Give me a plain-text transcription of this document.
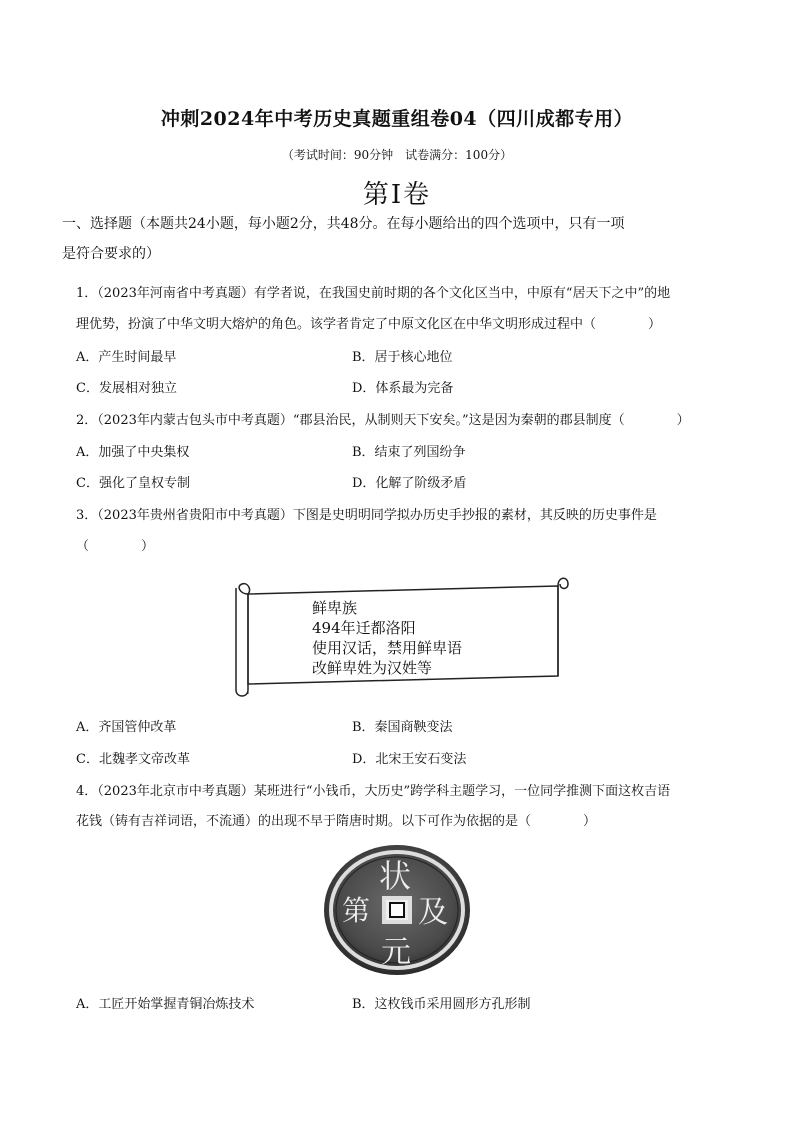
冲刺2024年中考历史真题重组卷04（四川成都专用）
（考试时间：90分钟　试卷满分：100分）
第Ⅰ卷
一、选择题（本题共24小题，每小题2分，共48分。在每小题给出的四个选项中，只有一项
是符合要求的）
1．（2023年河南省中考真题）有学者说，在我国史前时期的各个文化区当中，中原有“居天下之中”的地
理优势，扮演了中华文明大熔炉的角色。该学者肯定了中原文化区在中华文明形成过程中（　　　　）
A．产生时间最早	B．居于核心地位
C．发展相对独立	D．体系最为完备
2．（2023年内蒙古包头市中考真题）“郡县治民，从制则天下安矣。”这是因为秦朝的郡县制度（　　　　）
A．加强了中央集权	B．结束了列国纷争
C．强化了皇权专制	D．化解了阶级矛盾
3．（2023年贵州省贵阳市中考真题）下图是史明明同学拟办历史手抄报的素材，其反映的历史事件是
（　　　　）
鲜卑族
494年迁都洛阳
使用汉话，禁用鲜卑语
改鲜卑姓为汉姓等
A．齐国管仲改革	B．秦国商鞅变法
C．北魏孝文帝改革	D．北宋王安石变法
4．（2023年北京市中考真题）某班进行“小钱币，大历史”跨学科主题学习，一位同学推测下面这枚吉语
花钱（铸有吉祥词语，不流通）的出现不早于隋唐时期。以下可作为依据的是（　　　　）
状
及
元
第
A．工匠开始掌握青铜冶炼技术	B．这枚钱币采用圆形方孔形制
